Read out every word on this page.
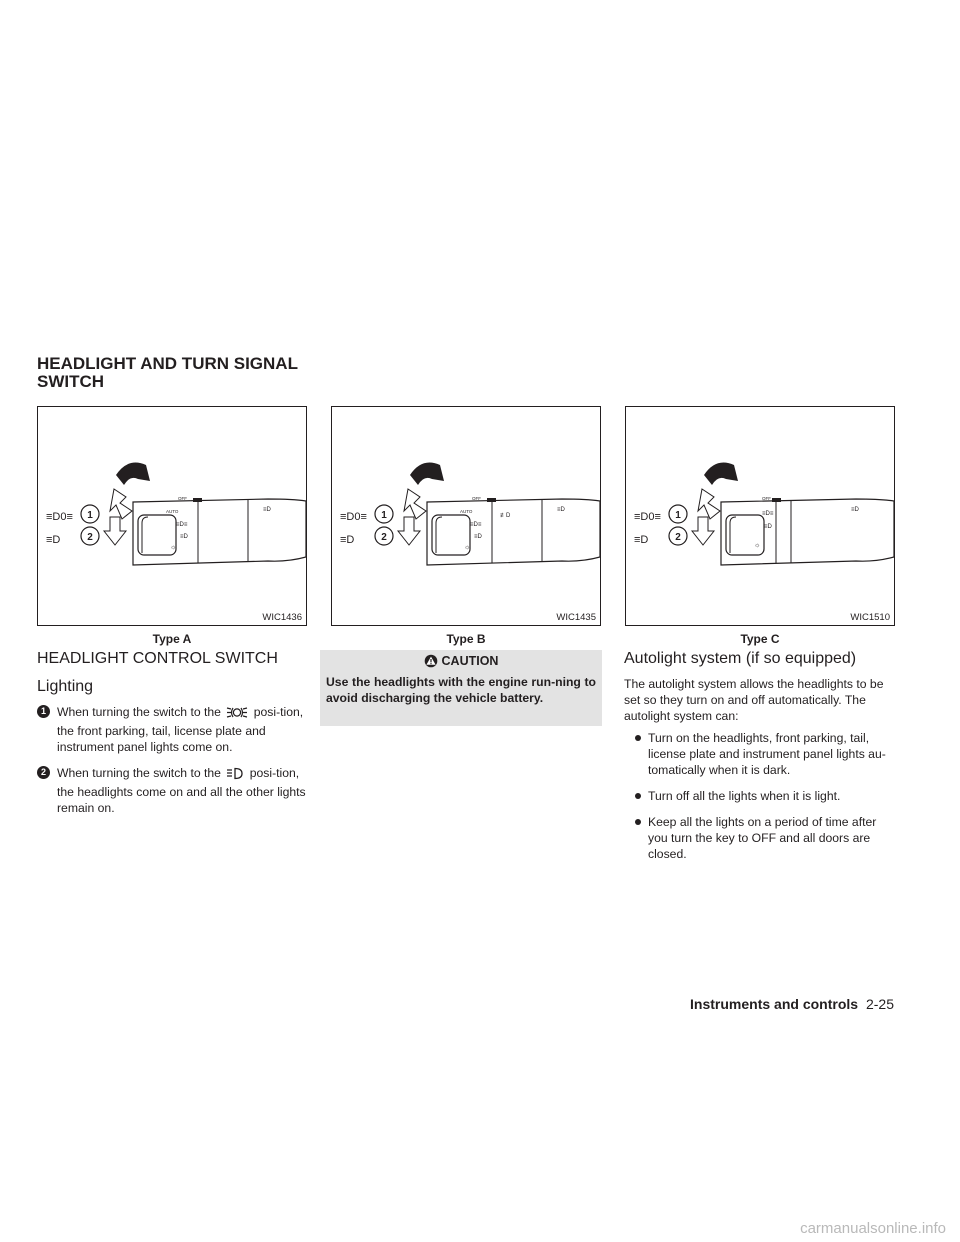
HEADLIGHT AND TURN SIGNAL
SWITCH
OFF
AUTO
≡D≡
≡D
☼
≡D
1
2
≡D0≡
≡D
WIC1436
Type A
OFF
AUTO
≡D≡
≡D
☼
≢D
≡D
1
2
≡D0≡
≡D
WIC1435
Type B
OFF
≡D≡
≡D
☼
≡D
1
2
≡D0≡
≡D
WIC1510
Type C
HEADLIGHT CONTROL SWITCH
Lighting

1 When turning the switch to the	posi-tion, the front parking, tail, license plate and instrument panel lights come on.

2 When turning the switch to the posi-tion, the headlights come on and all the other lights remain on.

CAUTION
Use the headlights with the engine run-ning to avoid discharging the vehicle battery.
Autolight system (if so equipped)

The autolight system allows the headlights to be set so they turn on and off automatically. The autolight system can:

Turn on the headlights, front parking, tail, license plate and instrument panel lights au-tomatically when it is dark.
Turn off all the lights when it is light.
Keep all the lights on a period of time after you turn the key to OFF and all doors are closed.
Instruments and controls 2-25
carmanualsonline.info
